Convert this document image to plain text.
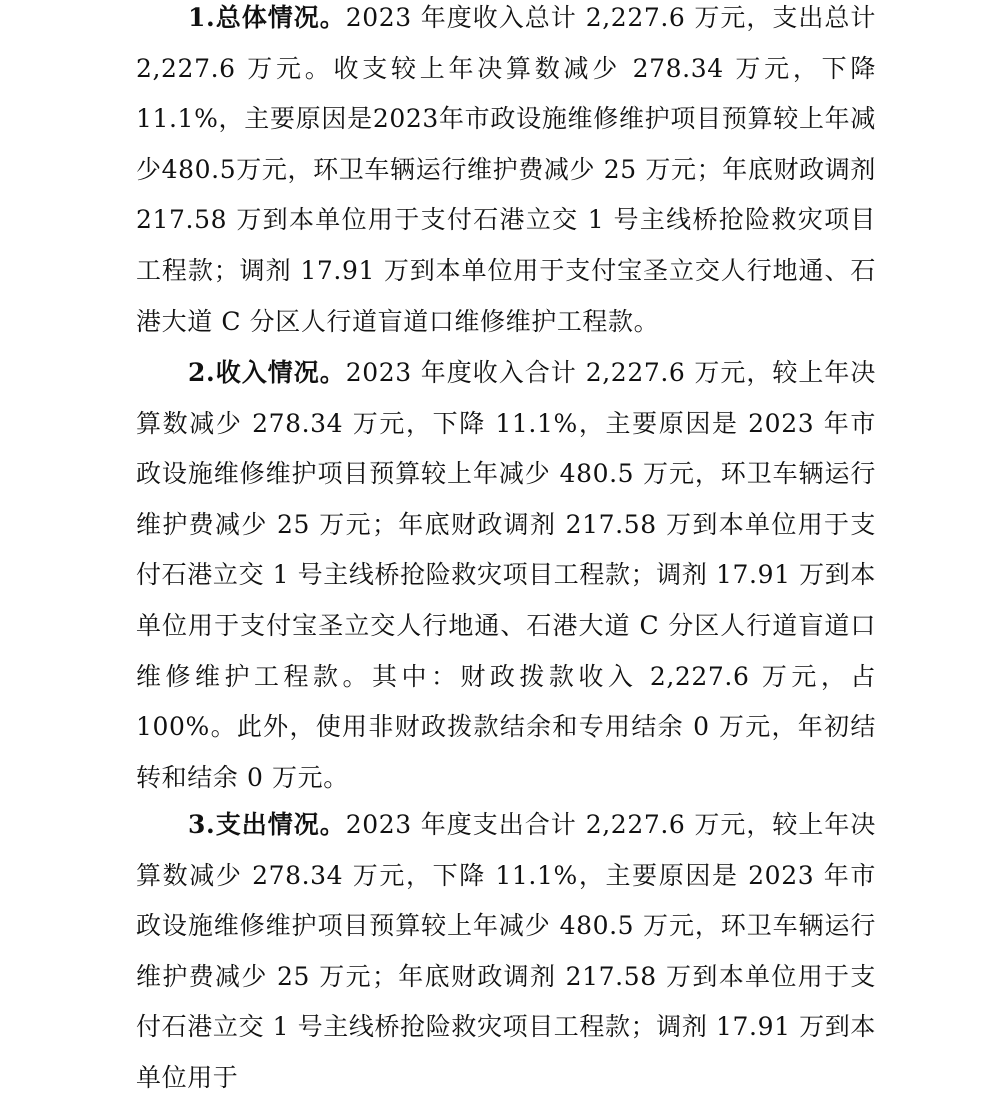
1.总体情况。2023 年度收入总计 2,227.6 万元，支出总计 2,227.6 万元。收支较上年决算数减少 278.34 万元，下降 11.1%，主要原因是2023年市政设施维修维护项目预算较上年减少480.5万元，环卫车辆运行维护费减少 25 万元；年底财政调剂 217.58 万到本单位用于支付石港立交 1 号主线桥抢险救灾项目工程款；调剂 17.91 万到本单位用于支付宝圣立交人行地通、石港大道 C 分区人行道盲道口维修维护工程款。

2.收入情况。2023 年度收入合计 2,227.6 万元，较上年决算数减少 278.34 万元，下降 11.1%，主要原因是 2023 年市政设施维修维护项目预算较上年减少 480.5 万元，环卫车辆运行维护费减少 25 万元；年底财政调剂 217.58 万到本单位用于支付石港立交 1 号主线桥抢险救灾项目工程款；调剂 17.91 万到本单位用于支付宝圣立交人行地通、石港大道 C 分区人行道盲道口维修维护工程款。其中：财政拨款收入 2,227.6 万元，占 100%。此外，使用非财政拨款结余和专用结余 0 万元，年初结转和结余 0 万元。

3.支出情况。2023 年度支出合计 2,227.6 万元，较上年决算数减少 278.34 万元，下降 11.1%，主要原因是 2023 年市政设施维修维护项目预算较上年减少 480.5 万元，环卫车辆运行维护费减少 25 万元；年底财政调剂 217.58 万到本单位用于支付石港立交 1 号主线桥抢险救灾项目工程款；调剂 17.91 万到本单位用于
